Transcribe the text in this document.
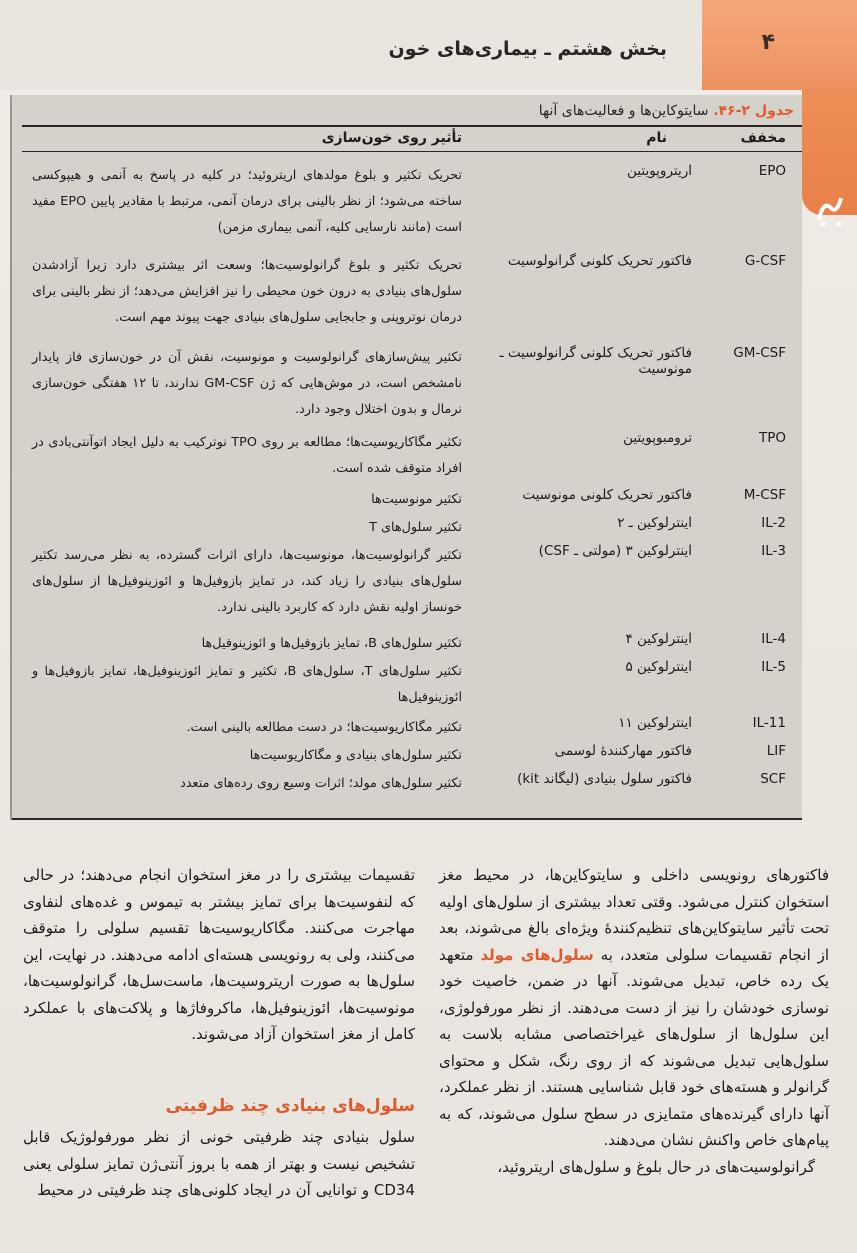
۴
بخش هشتم ـ بیماری‌های خون
جدول ۲-۴۶. سایتوکاین‌ها و فعالیت‌های آنها
مخفف
نام
تأثیر روی خون‌سازی
EPO
اریتروپویتین
تحریک تکثیر و بلوغ مولدهای اریتروئید؛ در کلیه در پاسخ به آنمی و هیپوکسی ساخته می‌شود؛ از نظر بالینی برای درمان آنمی، مرتبط با مقادیر پایین EPO مفید است (مانند نارسایی کلیه، آنمی بیماری مزمن)
G-CSF
فاکتور تحریک کلونی گرانولوسیت
تحریک تکثیر و بلوغ گرانولوسیت‌ها؛ وسعت اثر بیشتری دارد زیرا آزادشدن سلول‌های بنیادی به درون خون محیطی را نیز افزایش می‌دهد؛ از نظر بالینی برای درمان نوتروپنی و جابجایی سلول‌های بنیادی جهت پیوند مهم است.
GM-CSF
فاکتور تحریک کلونی گرانولوسیت ـ مونوسیت
تکثیر پیش‌سازهای گرانولوسیت و مونوسیت، نقش آن در خون‌سازی فاز پایدار نامشخص است، در موش‌هایی که ژن GM-CSF ندارند، تا ۱۲ هفتگی خون‌سازی نرمال و بدون اختلال وجود دارد.
TPO
ترومبوپویتین
تکثیر مگاکاریوسیت‌ها؛ مطالعه بر روی TPO نوترکیب به دلیل ایجاد اتوآنتی‌بادی در افراد متوقف شده است.
M-CSF
فاکتور تحریک کلونی مونوسیت
تکثیر مونوسیت‌ها
IL-2
اینترلوکین ـ ۲
تکثیر سلول‌های T
IL-3
اینترلوکین ۳ (مولتی ـ CSF)
تکثیر گرانولوسیت‌ها، مونوسیت‌ها، دارای اثرات گسترده، به نظر می‌رسد تکثیر سلول‌های بنیادی را زیاد کند، در تمایز بازوفیل‌ها و ائوزینوفیل‌ها از سلول‌های خونساز اولیه نقش دارد که کاربرد بالینی ندارد.
IL-4
اینترلوکین ۴
تکثیر سلول‌های B، تمایز بازوفیل‌ها و ائوزینوفیل‌ها
IL-5
اینترلوکین ۵
تکثیر سلول‌های T، سلول‌های B، تکثیر و تمایز ائوزینوفیل‌ها، تمایز بازوفیل‌ها و ائوزینوفیل‌ها
IL-11
اینترلوکین ۱۱
تکثیر مگاکاریوسیت‌ها؛ در دست مطالعه بالینی است.
LIF
فاکتور مهارکنندهٔ لوسمی
تکثیر سلول‌های بنیادی و مگاکاریوسیت‌ها
SCF
فاکتور سلول بنیادی (لیگاند kit)
تکثیر سلول‌های مولد؛ اثرات وسیع روی رده‌های متعدد
فاکتورهای رونویسی داخلی و سایتوکاین‌ها، در محیط مغز استخوان کنترل می‌شود. وقتی تعداد بیشتری از سلول‌های اولیه تحت تأثیر سایتوکاین‌های تنظیم‌کنندهٔ ویژه‌ای بالغ می‌شوند، بعد از انجام تقسیمات سلولی متعدد، به سلول‌های مولد متعهد یک رده خاص، تبدیل می‌شوند. آنها در ضمن، خاصیت خود نوسازی خودشان را نیز از دست می‌دهند. از نظر مورفولوژی، این سلول‌ها از سلول‌های غیراختصاصی مشابه بلاست به سلول‌هایی تبدیل می‌شوند که از روی رنگ، شکل و محتوای گرانولر و هسته‌های خود قابل شناسایی هستند. از نظر عملکرد، آنها دارای گیرنده‌های متمایزی در سطح سلول می‌شوند، که به پیام‌های خاص واکنش نشان می‌دهند.
گرانولوسیت‌های در حال بلوغ و سلول‌های اریتروئید،
تقسیمات بیشتری را در مغز استخوان انجام می‌دهند؛ در حالی که لنفوسیت‌ها برای تمایز بیشتر به تیموس و غده‌های لنفاوی مهاجرت می‌کنند. مگاکاریوسیت‌ها تقسیم سلولی را متوقف می‌کنند، ولی به رونویسی هسته‌ای ادامه می‌دهند. در نهایت، این سلول‌ها به صورت اریتروسیت‌ها، ماست‌سل‌ها، گرانولوسیت‌ها، مونوسیت‌ها، ائوزینوفیل‌ها، ماکروفاژها و پلاکت‌های با عملکرد کامل از مغز استخوان آزاد می‌شوند.
سلول‌های بنیادی چند ظرفیتی
سلول بنیادی چند ظرفیتی خونی از نظر مورفولوژیک قابل تشخیص نیست و بهتر از همه با بروز آنتی‌ژن تمایز سلولی یعنی CD34 و توانایی آن در ایجاد کلونی‌های چند ظرفیتی در محیط
